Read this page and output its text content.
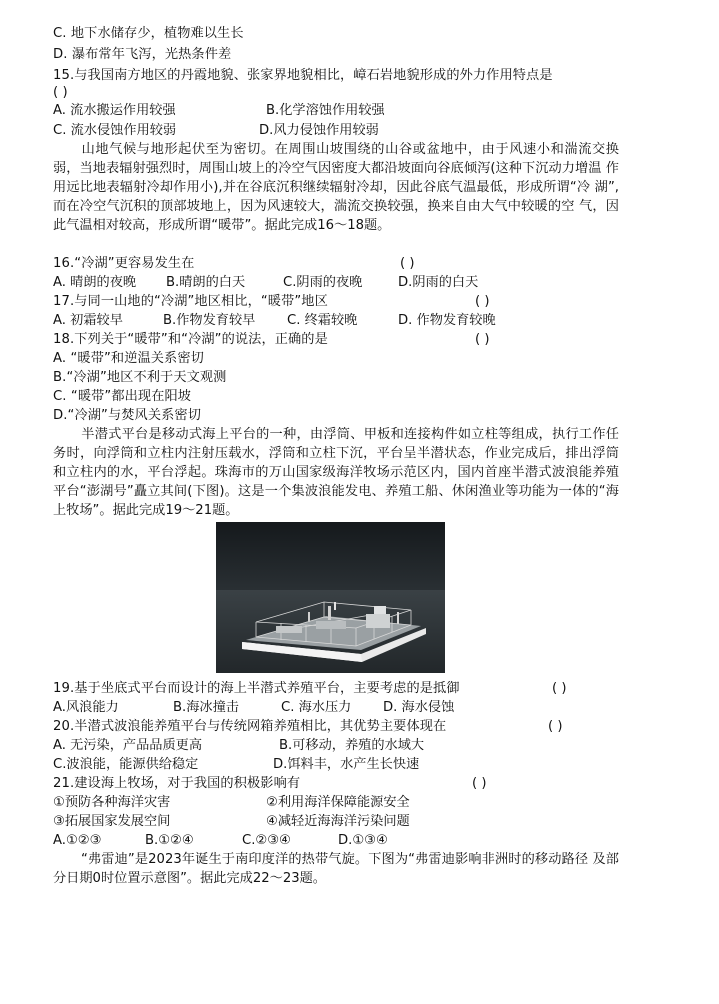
C. 地下水储存少，植物难以生长
D. 瀑布常年飞泻，光热条件差
15.与我国南方地区的丹霞地貌、张家界地貌相比，嶂石岩地貌形成的外力作用特点是
( )
A. 流水搬运作用较强	B.化学溶蚀作用较强
C. 流水侵蚀作用较弱	D.风力侵蚀作用较弱
山地气候与地形起伏至为密切。在周围山坡围绕的山谷或盆地中，由于风速小和湍流交换弱，当地表辐射强烈时，周围山坡上的冷空气因密度大都沿坡面向谷底倾泻(这种下沉动力增温 作用远比地表辐射冷却作用小),并在谷底沉积继续辐射冷却，因此谷底气温最低，形成所谓“冷 湖”,而在冷空气沉积的顶部坡地上，因为风速较大，湍流交换较强，换来自由大气中较暖的空 气，因此气温相对较高，形成所谓“暖带”。据此完成16～18题。
16.“冷湖”更容易发生在	( )
A. 晴朗的夜晚 B.晴朗的白天	C.阴雨的夜晚	D.阴雨的白天
17.与同一山地的“冷湖”地区相比，“暖带”地区	( )
A. 初霜较早	B.作物发育较早 C. 终霜较晚	D. 作物发育较晚
18.下列关于“暖带”和“冷湖”的说法，正确的是	( )
A. “暖带”和逆温关系密切
B.“冷湖”地区不利于天文观测
C. “暖带”都出现在阳坡
D.“冷湖”与焚风关系密切
半潜式平台是移动式海上平台的一种，由浮筒、甲板和连接构件如立柱等组成，执行工作任务时，向浮筒和立柱内注射压载水，浮筒和立柱下沉，平台呈半潜状态，作业完成后，排出浮筒和立柱内的水，平台浮起。珠海市的万山国家级海洋牧场示范区内，国内首座半潜式波浪能养殖平台“澎湖号”矗立其间(下图)。这是一个集波浪能发电、养殖工船、休闲渔业等功能为一体的“海上牧场”。据此完成19～21题。
19.基于坐底式平台而设计的海上半潜式养殖平台，主要考虑的是抵御	( )
A.风浪能力	B.海冰撞击	C. 海水压力 D. 海水侵蚀
20.半潜式波浪能养殖平台与传统网箱养殖相比，其优势主要体现在	( )
A. 无污染，产品品质更高	B.可移动，养殖的水域大
C.波浪能，能源供给稳定	D.饵料丰，水产生长快速
21.建设海上牧场，对于我国的积极影响有	( )
①预防各种海洋灾害	②利用海洋保障能源安全
③拓展国家发展空间	④减轻近海海洋污染问题
A.①②③	B.①②④	C.②③④	D.①③④
“弗雷迪”是2023年诞生于南印度洋的热带气旋。下图为“弗雷迪影响非洲时的移动路径 及部分日期0时位置示意图”。据此完成22～23题。
